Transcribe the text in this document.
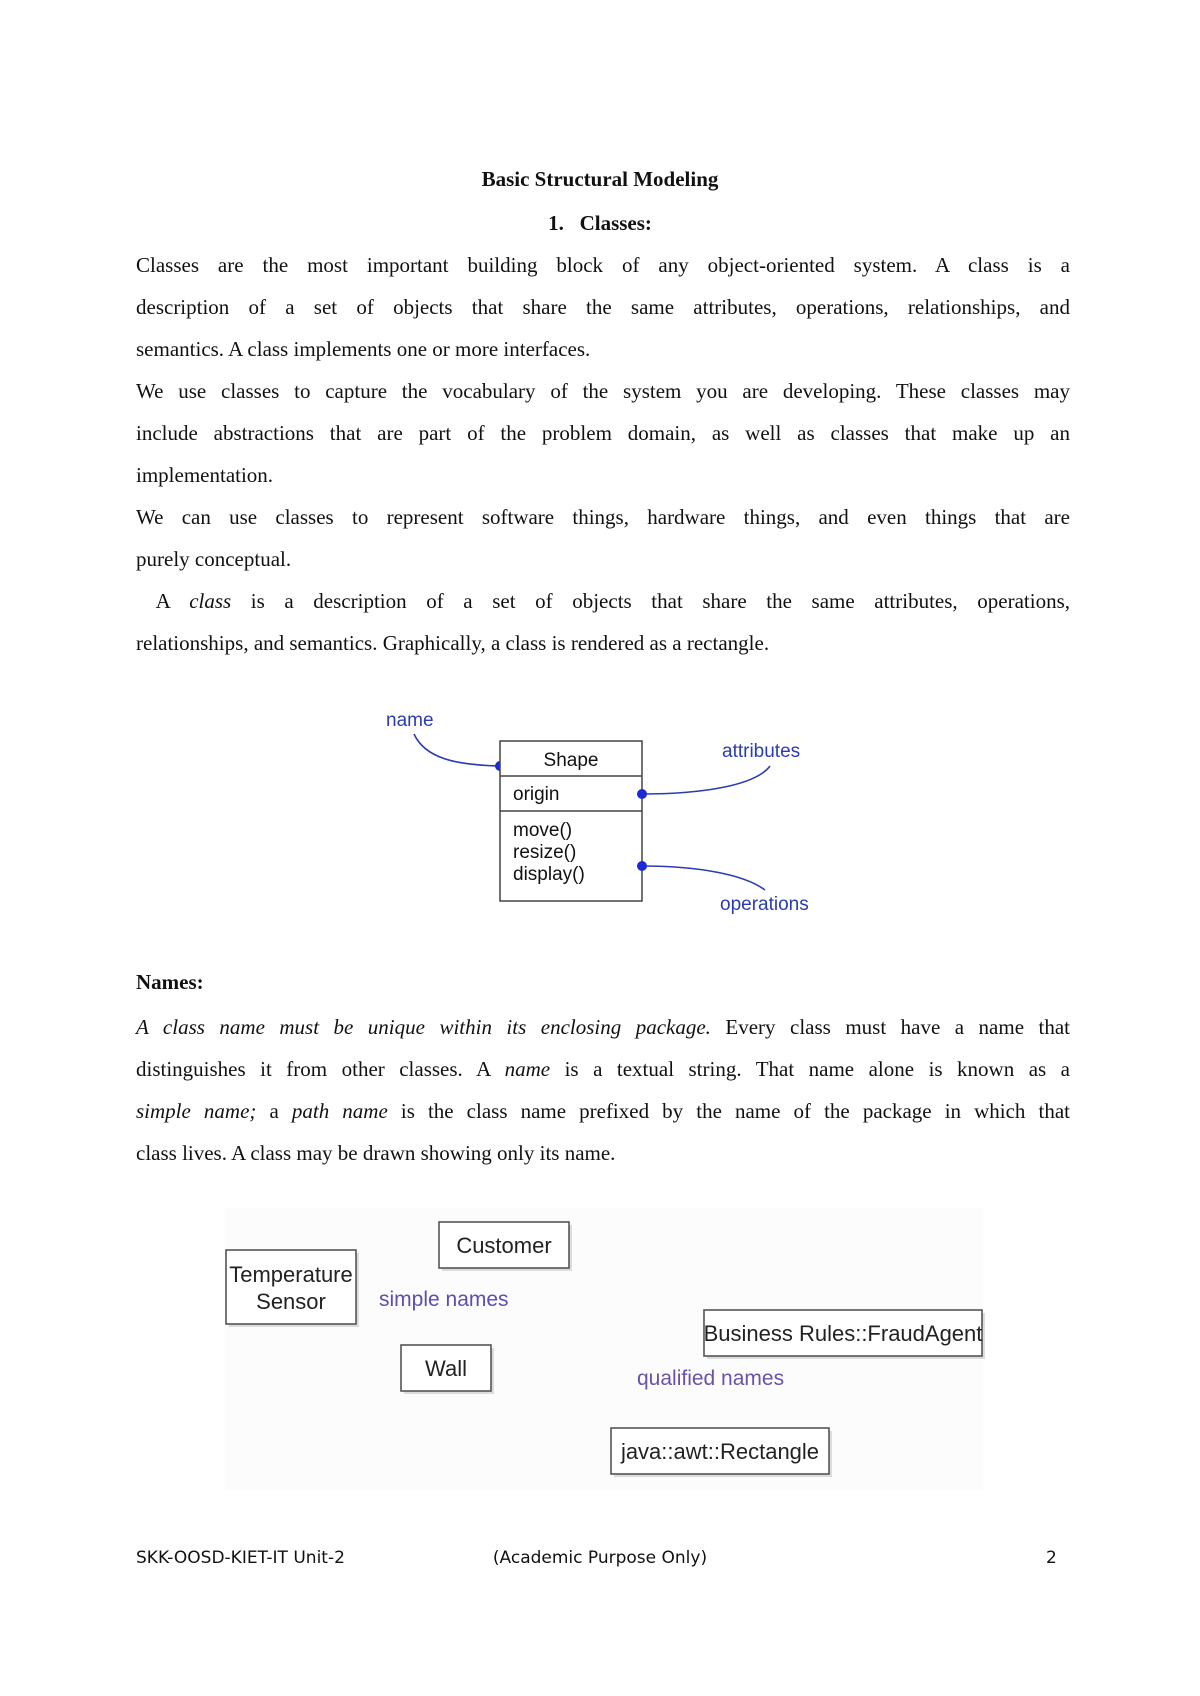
Basic Structural Modeling
1. Classes:
Classes are the most important building block of any object-oriented system. A class is a
description of a set of objects that share the same attributes, operations, relationships, and
semantics. A class implements one or more interfaces.
We use classes to capture the vocabulary of the system you are developing. These classes may
include abstractions that are part of the problem domain, as well as classes that make up an
implementation.
We can use classes to represent software things, hardware things, and even things that are
purely conceptual.
A class is a description of a set of objects that share the same attributes, operations,
relationships, and semantics. Graphically, a class is rendered as a rectangle.
name
Shape
origin
move()
resize()
display()
attributes
operations
Names:
A class name must be unique within its enclosing package. Every class must have a name that
distinguishes it from other classes. A name is a textual string. That name alone is known as a
simple name; a path name is the class name prefixed by the name of the package in which that
class lives. A class may be drawn showing only its name.
Temperature
Sensor
Customer
simple names
Wall
Business Rules::FraudAgent
qualified names
java::awt::Rectangle
SKK-OOSD-KIET-IT Unit-2	(Academic Purpose Only)	2
